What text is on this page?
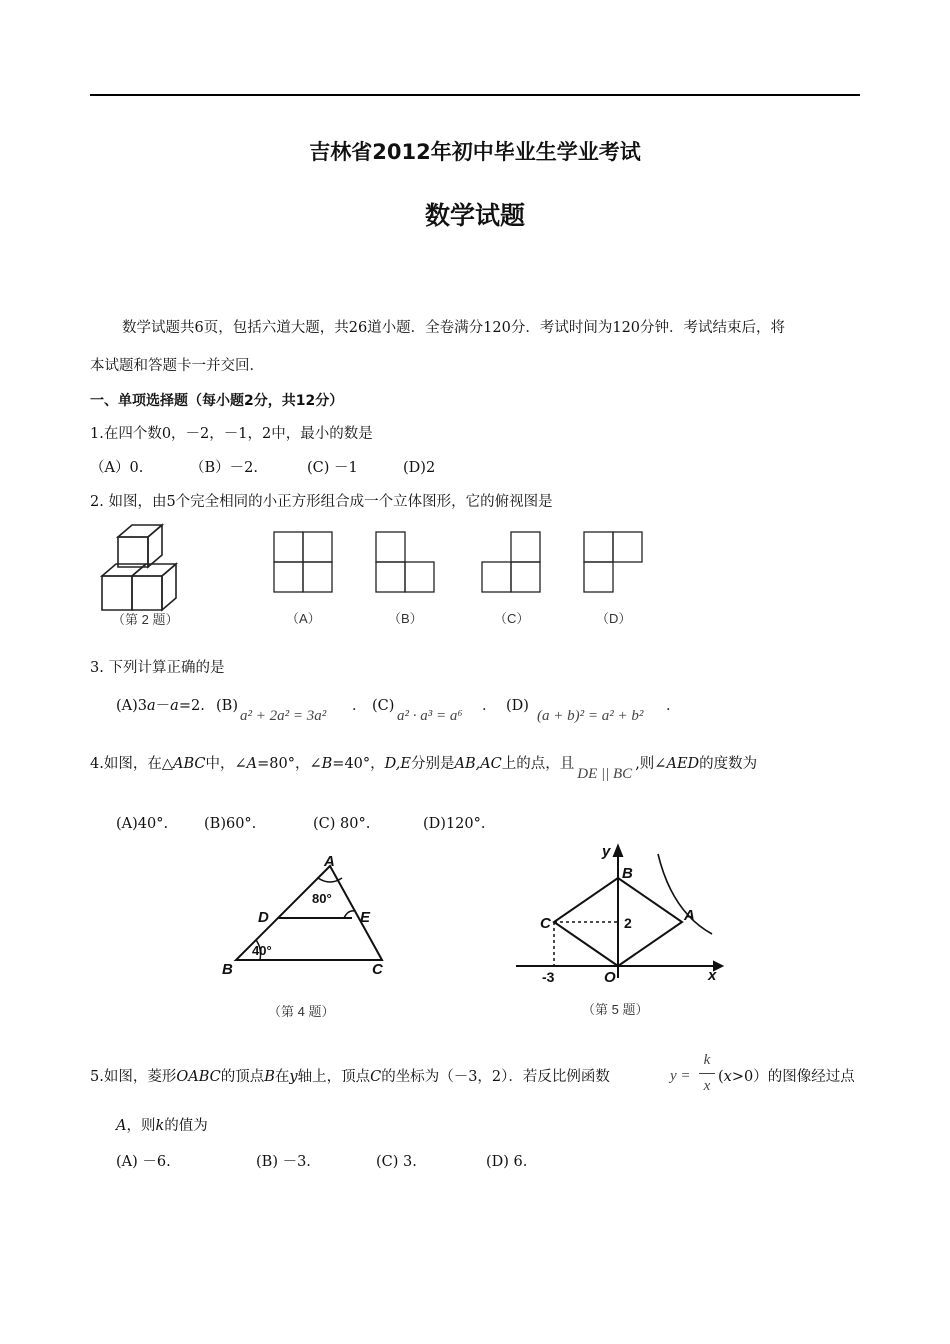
吉林省2012年初中毕业生学业考试
数学试题
数学试题共6页，包括六道大题，共26道小题．全卷满分120分．考试时间为120分钟．考试结束后，将
本试题和答题卡一并交回．
一、单项选择题（每小题2分，共12分）
1.在四个数0，－2，－1，2中，最小的数是
（A）0.	（B）－2.	(C) －1	(D)2
2. 如图，由5个完全相同的小正方形组合成一个立体图形，它的俯视图是
（第 2 题）	（A）	（B）	（C）	（D）
3. 下列计算正确的是
(A)3a－a=2. (B)
a² + 2a² = 3a²
． (C)
a² · a³ = a⁶
． (D)
(a + b)² = a² + b²
．
4.如图，在△ABC中，∠A=80°，∠B=40°，D,E分别是AB,AC上的点，且DE || BC,则∠AED的度数为
(A)40°. (B)60°.	(C) 80°.	(D)120°.
A
B	C
D	E
80°
40°
（第 4 题）
y
x
B
A
C
O
2
-3
（第 5 题）
5.如图，菱形OABC的顶点B在y轴上，顶点C的坐标为（－3，2）．若反比例函数	y =
k
x
(x>0）的图像经过点
A，则k的值为
(A) －6.	(B) －3.	(C) 3.	(D) 6.
